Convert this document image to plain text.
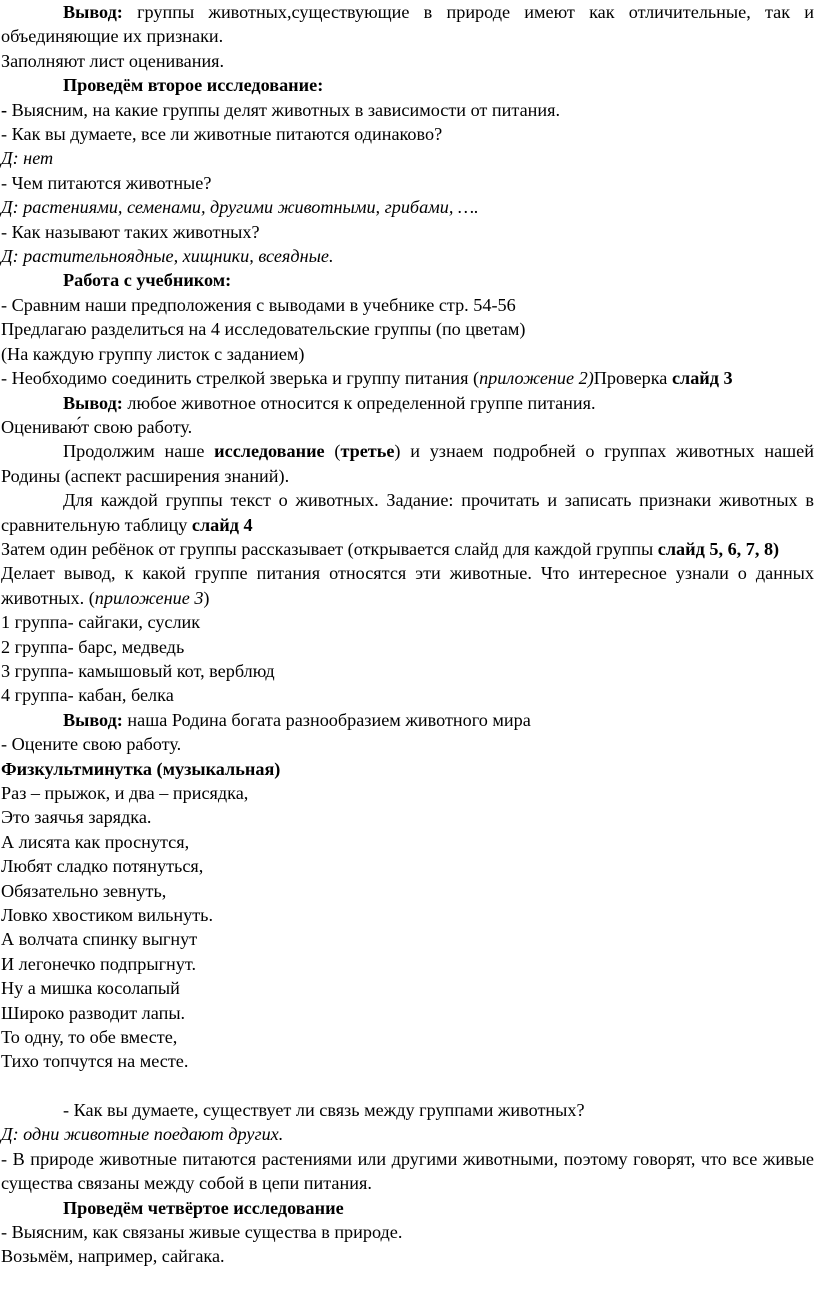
Вывод: группы животных,существующие в природе имеют как отличительные, так и объединяющие их признаки.

Заполняют лист оценивания.

Проведём второе исследование:

- Выясним, на какие группы делят животных в зависимости от питания.

- Как вы думаете, все ли животные питаются одинаково?

Д: нет

- Чем питаются животные?

Д: растениями, семенами, другими животными, грибами, ….

- Как называют таких животных?

Д: растительноядные, хищники, всеядные.

Работа с учебником:

- Сравним наши предположения с выводами в учебнике стр. 54-56

Предлагаю разделиться на 4 исследовательские группы (по цветам)

(На каждую группу листок с заданием)

- Необходимо соединить стрелкой зверька и группу питания (приложение 2)Проверка слайд 3

Вывод: любое животное относится к определенной группе питания.

Оцениваю́т свою работу.

Продолжим наше исследование (третье) и узнаем подробней о группах животных нашей Родины (аспект расширения знаний).

Для каждой группы текст о животных. Задание: прочитать и записать признаки животных в сравнительную таблицу слайд 4

Затем один ребёнок от группы рассказывает (открывается слайд для каждой группы слайд 5, 6, 7, 8)

Делает вывод, к какой группе питания относятся эти животные. Что интересное узнали о данных животных. (приложение 3)

1 группа- сайгаки, суслик

2 группа- барс, медведь

3 группа- камышовый кот, верблюд

4 группа- кабан, белка

Вывод: наша Родина богата разнообразием животного мира

- Оцените свою работу.

Физкультминутка (музыкальная)

Раз – прыжок, и два – присядка,

Это заячья зарядка.

А лисята как проснутся,

Любят сладко потянуться,

Обязательно зевнуть,

Ловко хвостиком вильнуть.

А волчата спинку выгнут

И легонечко подпрыгнут.

Ну а мишка косолапый

Широко разводит лапы.

То одну, то обе вместе,

Тихо топчутся на месте.

- Как вы думаете, существует ли связь между группами животных?

Д: одни животные поедают других.

- В природе животные питаются растениями или другими животными, поэтому говорят, что все живые существа связаны между собой в цепи питания.

Проведём четвёртое исследование

- Выясним, как связаны живые существа в природе.

Возьмём, например, сайгака.
